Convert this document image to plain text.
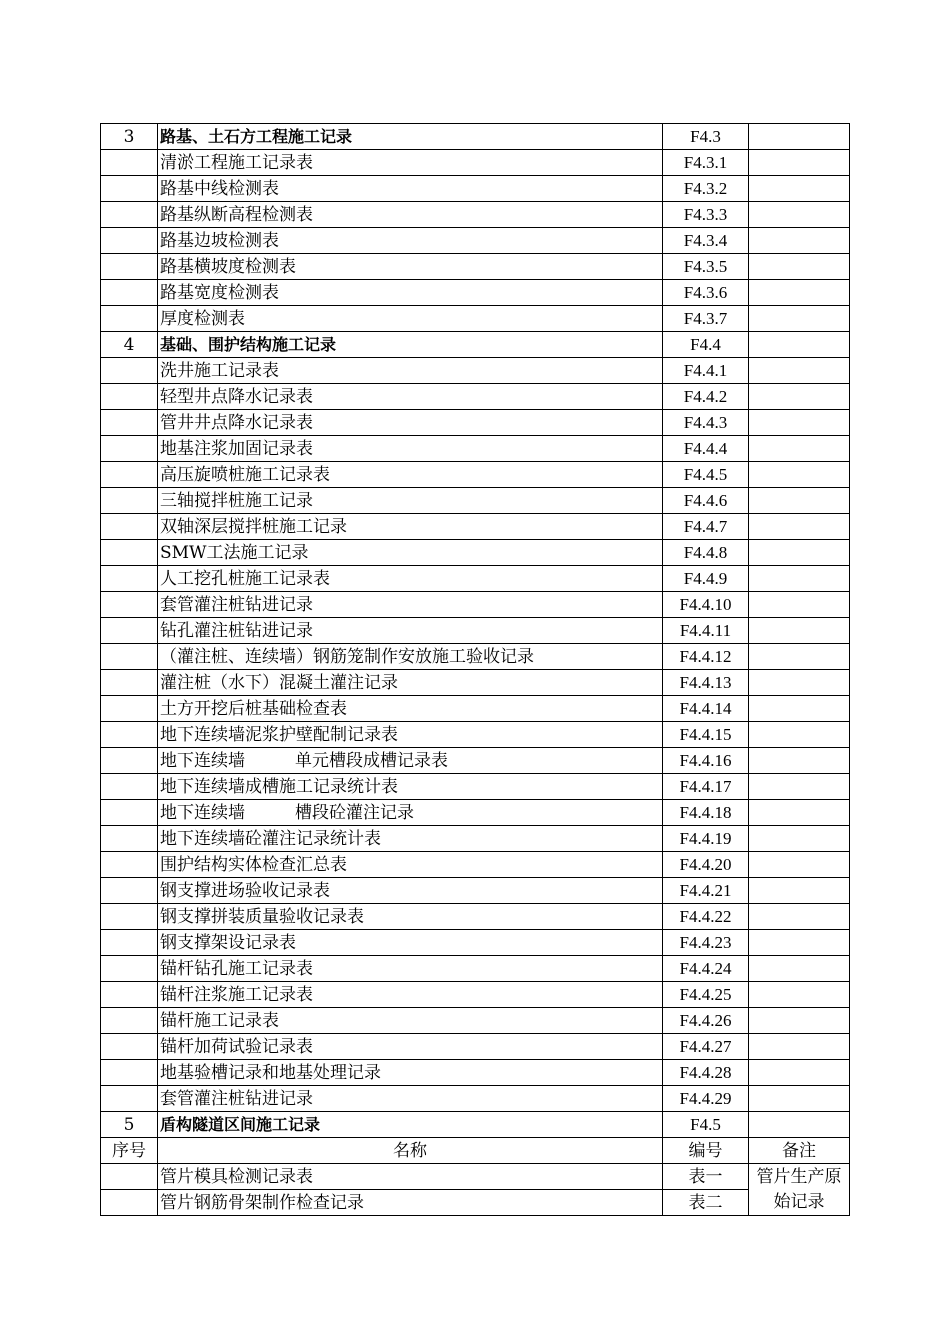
3	路基、土石方工程施工记录	F4.3	
	清淤工程施工记录表	F4.3.1	
	路基中线检测表	F4.3.2	
	路基纵断高程检测表	F4.3.3	
	路基边坡检测表	F4.3.4	
	路基横坡度检测表	F4.3.5	
	路基宽度检测表	F4.3.6	
	厚度检测表	F4.3.7	
4	基础、围护结构施工记录	F4.4	
	洗井施工记录表	F4.4.1	
	轻型井点降水记录表	F4.4.2	
	管井井点降水记录表	F4.4.3	
	地基注浆加固记录表	F4.4.4	
	高压旋喷桩施工记录表	F4.4.5	
	三轴搅拌桩施工记录	F4.4.6	
	双轴深层搅拌桩施工记录	F4.4.7	
	SMW工法施工记录	F4.4.8	
	人工挖孔桩施工记录表	F4.4.9	
	套管灌注桩钻进记录	F4.4.10	
	钻孔灌注桩钻进记录	F4.4.11	
	（灌注桩、连续墙）钢筋笼制作安放施工验收记录	F4.4.12	
	灌注桩（水下）混凝土灌注记录	F4.4.13	
	土方开挖后桩基础检查表	F4.4.14	
	地下连续墙泥浆护壁配制记录表	F4.4.15	
	地下连续墙 单元槽段成槽记录表	F4.4.16	
	地下连续墙成槽施工记录统计表	F4.4.17	
	地下连续墙 槽段砼灌注记录	F4.4.18	
	地下连续墙砼灌注记录统计表	F4.4.19	
	围护结构实体检查汇总表	F4.4.20	
	钢支撑进场验收记录表	F4.4.21	
	钢支撑拼装质量验收记录表	F4.4.22	
	钢支撑架设记录表	F4.4.23	
	锚杆钻孔施工记录表	F4.4.24	
	锚杆注浆施工记录表	F4.4.25	
	锚杆施工记录表	F4.4.26	
	锚杆加荷试验记录表	F4.4.27	
	地基验槽记录和地基处理记录	F4.4.28	
	套管灌注桩钻进记录	F4.4.29	
5	盾构隧道区间施工记录	F4.5	
序号	名称	编号	备注
	管片模具检测记录表	表一	管片生产原始记录
	管片钢筋骨架制作检查记录	表二	
